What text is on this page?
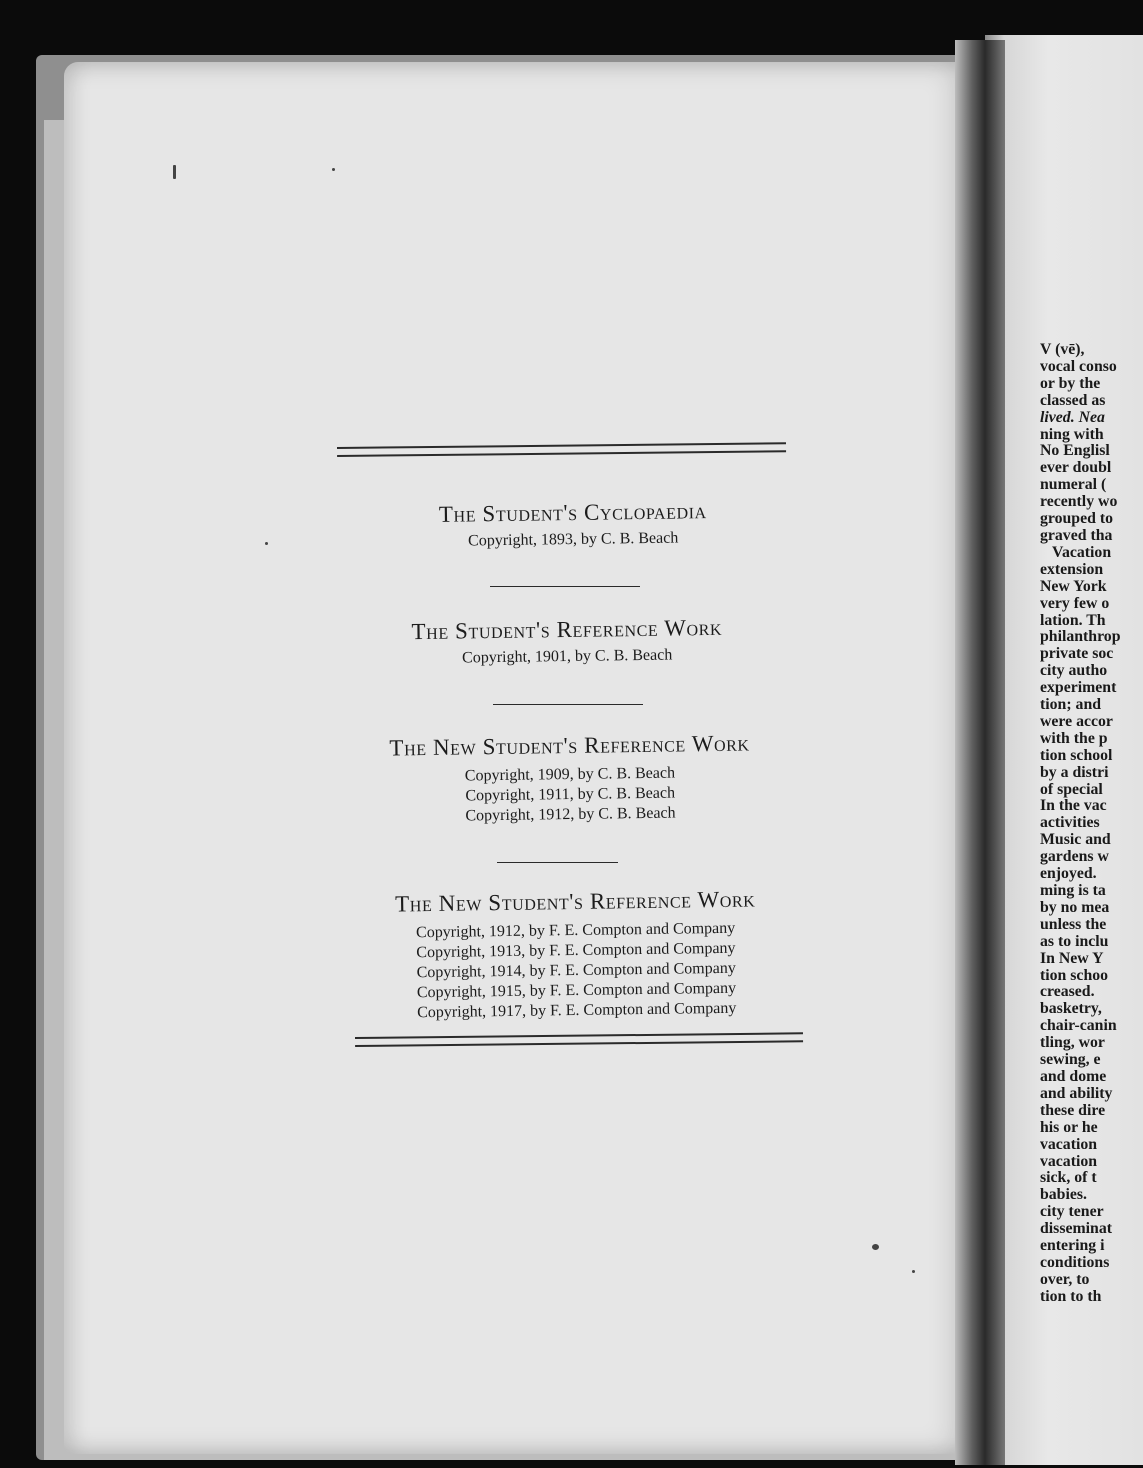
The Student's Cyclopaedia

Copyright, 1893, by C. B. Beach

The Student's Reference Work

Copyright, 1901, by C. B. Beach

The New Student's Reference Work

Copyright, 1909, by C. B. Beach

Copyright, 1911, by C. B. Beach

Copyright, 1912, by C. B. Beach

The New Student's Reference Work

Copyright, 1912, by F. E. Compton and Company

Copyright, 1913, by F. E. Compton and Company

Copyright, 1914, by F. E. Compton and Company

Copyright, 1915, by F. E. Compton and Company

Copyright, 1917, by F. E. Compton and Company

V (vē),
vocal conso
or by the
classed as
lived. Nea
ning with
No Englisl
ever doubl
numeral (
recently wo
grouped to
graved tha
Vacation
extension
New York
very few o
lation. Th
philanthrop
private soc
city autho
experiment
tion; and
were accor
with the p
tion school
by a distri
of special
In the vac
activities
Music and
gardens w
enjoyed.
ming is ta
by no mea
unless the
as to inclu
In New Y
tion schoo
creased.
basketry,
chair-canin
tling, wor
sewing, e
and dome
and ability
these dire
his or he
vacation
vacation
sick, of t
babies.
city tener
disseminat
entering i
conditions
over, to
tion to th
